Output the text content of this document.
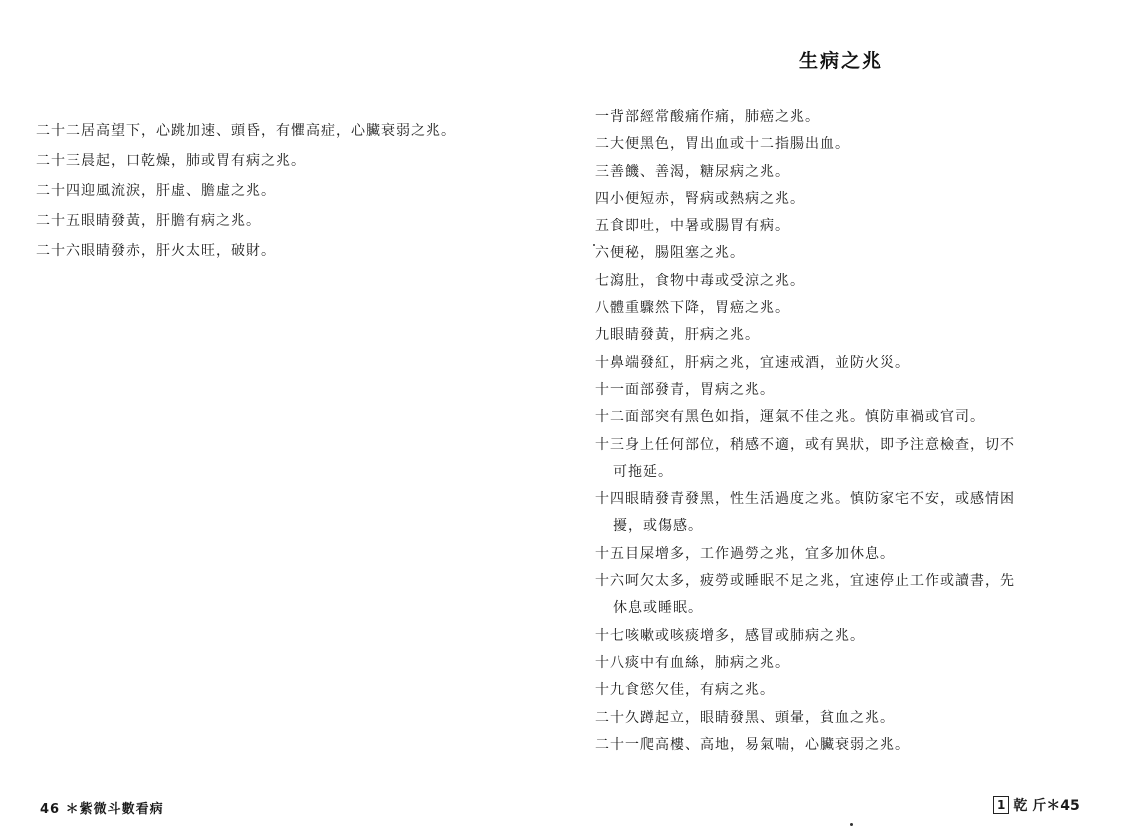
二十二居高望下，心跳加速、頭昏，有懼高症，心臟衰弱之兆。
二十三晨起，口乾燥，肺或胃有病之兆。
二十四迎風流淚，肝虛、膽虛之兆。
二十五眼睛發黃，肝膽有病之兆。
二十六眼睛發赤，肝火太旺，破財。
46 ＊紫微斗數看病
生病之兆
一背部經常酸痛作痛，肺癌之兆。
二大便黑色，胃出血或十二指腸出血。
三善饑、善渴，糖尿病之兆。
四小便短赤，腎病或熱病之兆。
五食即吐，中暑或腸胃有病。
六便秘，腸阻塞之兆。
七瀉肚，食物中毒或受涼之兆。
八體重驟然下降，胃癌之兆。
九眼睛發黃，肝病之兆。
十鼻端發紅，肝病之兆，宜速戒酒，並防火災。
十一面部發青，胃病之兆。
十二面部突有黑色如指，運氣不佳之兆。慎防車禍或官司。
十三身上任何部位，稍感不適，或有異狀，即予注意檢查，切不
可拖延。
十四眼睛發青發黑，性生活過度之兆。慎防家宅不安，或感情困
擾，或傷感。
十五目屎增多，工作過勞之兆，宜多加休息。
十六呵欠太多，疲勞或睡眠不足之兆，宜速停止工作或讀書，先
休息或睡眠。
十七咳嗽或咳痰增多，感冒或肺病之兆。
十八痰中有血絲，肺病之兆。
十九食慾欠佳，有病之兆。
二十久蹲起立，眼睛發黑、頭暈，貧血之兆。
二十一爬高樓、高地，易氣喘，心臟衰弱之兆。
1 乾 斤＊45
